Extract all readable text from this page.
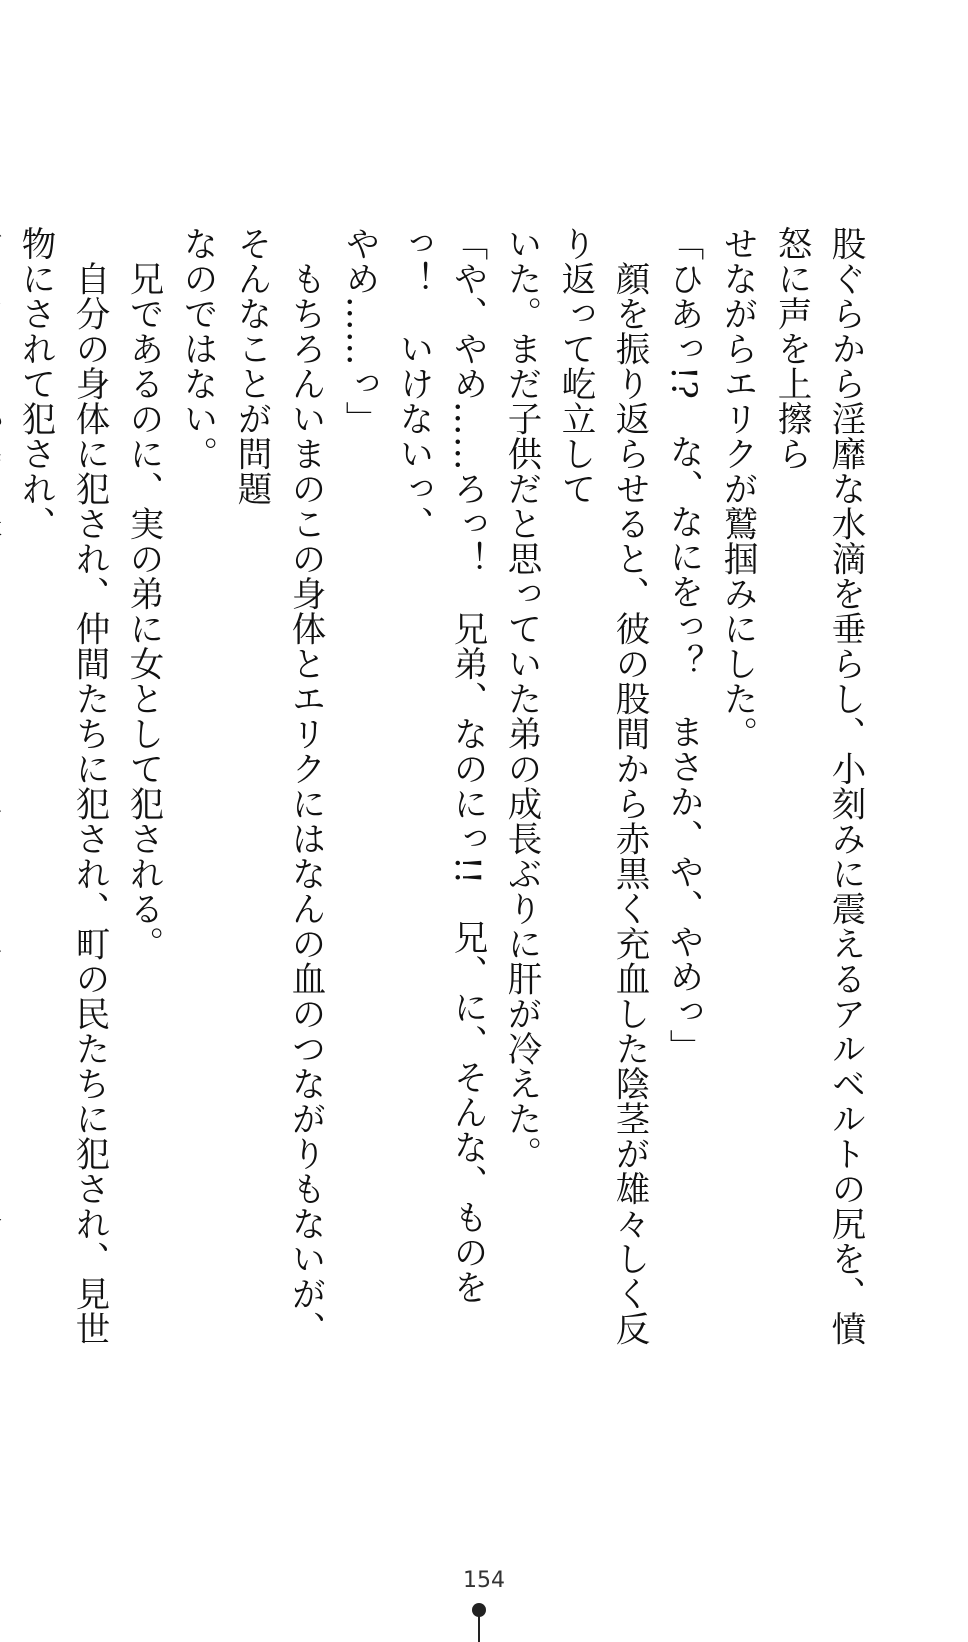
股ぐらから淫靡な水滴を垂らし、小刻みに震えるアルベルトの尻を、憤怒に声を上擦ら

せながらエリクが鷲掴みにした。

「ひあっ!?　な、なにをっ？　まさか、や、やめっ」

　顔を振り返らせると、彼の股間から赤黒く充血した陰茎が雄々しく反り返って屹立して

いた。まだ子供だと思っていた弟の成長ぶりに肝が冷えた。

「や、やめ……ろっ！　兄弟、なのにっ!!　兄、に、そんな、ものをっ！　いけないっ、

やめ……っ」

　もちろんいまのこの身体とエリクにはなんの血のつながりもないが、そんなことが問題

なのではない。

　兄であるのに、実の弟に女として犯される。

　自分の身体に犯され、仲間たちに犯され、町の民たちに犯され、見世物にされて犯され、

154
